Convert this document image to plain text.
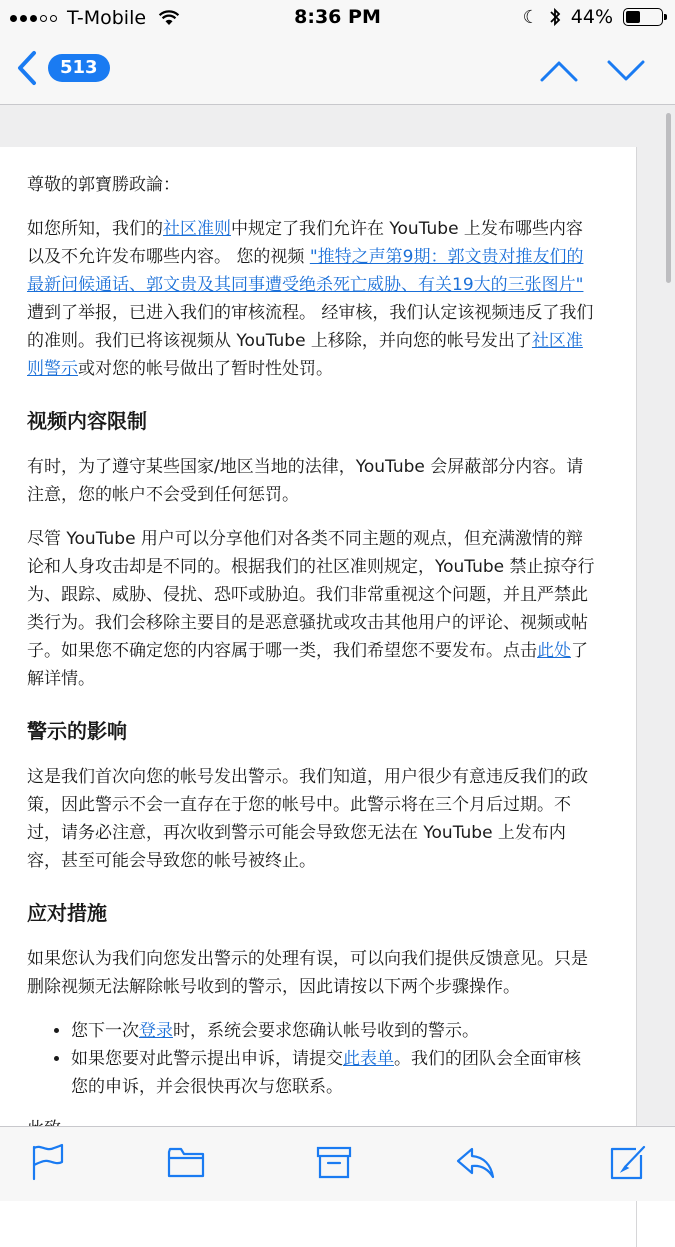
T-Mobile	8:36 PM	☾ 44%
513
尊敬的郭寶勝政論：

如您所知，我们的社区准则中规定了我们允许在 YouTube 上发布哪些内容以及不允许发布哪些内容。 您的视频 "推特之声第9期：郭文贵对推友们的最新问候通话、郭文贵及其同事遭受绝杀死亡威胁、有关19大的三张图片" 遭到了举报，已进入我们的审核流程。 经审核，我们认定该视频违反了我们的准则。我们已将该视频从 YouTube 上移除，并向您的帐号发出了社区准则警示或对您的帐号做出了暂时性处罚。

视频内容限制

有时，为了遵守某些国家/地区当地的法律，YouTube 会屏蔽部分内容。请注意，您的帐户不会受到任何惩罚。

尽管 YouTube 用户可以分享他们对各类不同主题的观点，但充满激情的辩论和人身攻击却是不同的。根据我们的社区准则规定，YouTube 禁止掠夺行为、跟踪、威胁、侵扰、恐吓或胁迫。我们非常重视这个问题，并且严禁此类行为。我们会移除主要目的是恶意骚扰或攻击其他用户的评论、视频或帖子。如果您不确定您的内容属于哪一类，我们希望您不要发布。点击此处了解详情。

警示的影响

这是我们首次向您的帐号发出警示。我们知道，用户很少有意违反我们的政策，因此警示不会一直存在于您的帐号中。此警示将在三个月后过期。不过，请务必注意，再次收到警示可能会导致您无法在 YouTube 上发布内容，甚至可能会导致您的帐号被终止。

应对措施

如果您认为我们向您发出警示的处理有误，可以向我们提供反馈意见。只是删除视频无法解除帐号收到的警示，因此请按以下两个步骤操作。

• 您下一次登录时，系统会要求您确认帐号收到的警示。
• 如果您要对此警示提出申诉，请提交此表单。我们的团队会全面审核您的申诉，并会很快再次与您联系。
